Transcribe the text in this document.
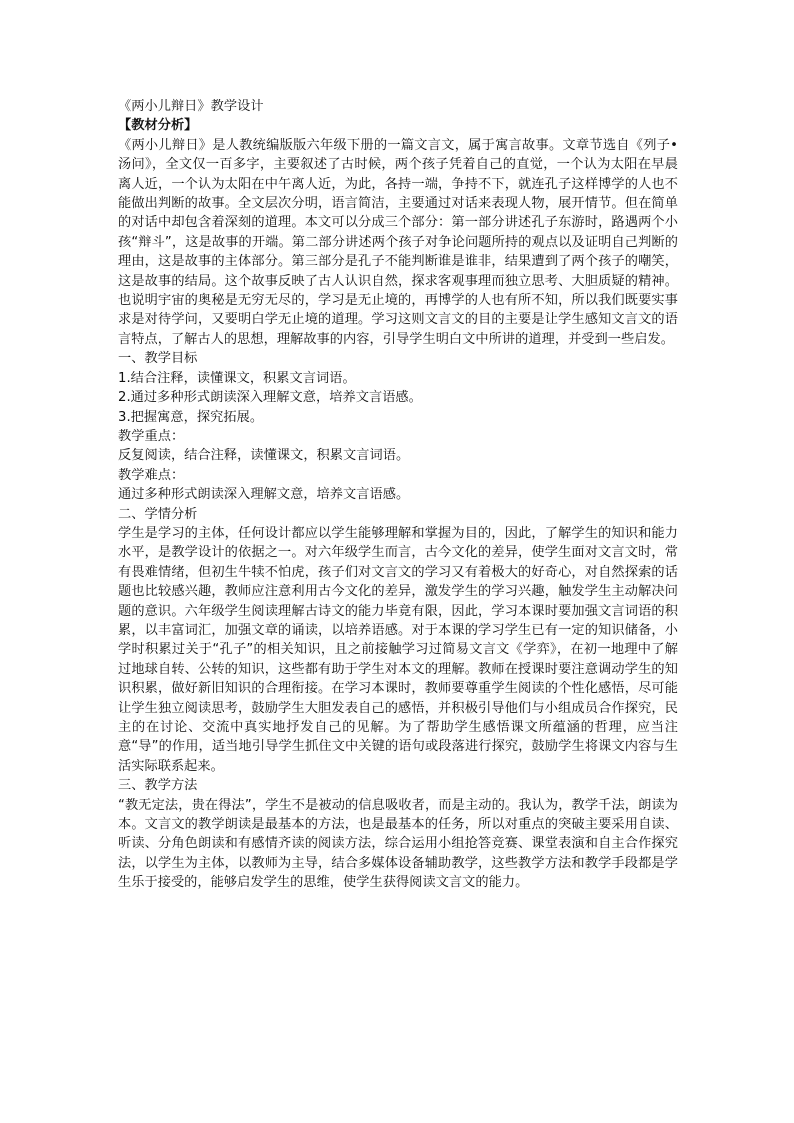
《两小儿辩日》教学设计

【教材分析】

《两小儿辩日》是人教统编版版六年级下册的一篇文言文，属于寓言故事。文章节选自《列子•汤问》，全文仅一百多字，主要叙述了古时候，两个孩子凭着自己的直觉，一个认为太阳在早晨离人近，一个认为太阳在中午离人近，为此，各持一端，争持不下，就连孔子这样博学的人也不能做出判断的故事。全文层次分明，语言简洁，主要通过对话来表现人物，展开情节。但在简单的对话中却包含着深刻的道理。本文可以分成三个部分：第一部分讲述孔子东游时，路遇两个小孩“辩斗”，这是故事的开端。第二部分讲述两个孩子对争论问题所持的观点以及证明自己判断的理由，这是故事的主体部分。第三部分是孔子不能判断谁是谁非，结果遭到了两个孩子的嘲笑，这是故事的结局。这个故事反映了古人认识自然，探求客观事理而独立思考、大胆质疑的精神。也说明宇宙的奥秘是无穷无尽的，学习是无止境的，再博学的人也有所不知，所以我们既要实事求是对待学问，又要明白学无止境的道理。学习这则文言文的目的主要是让学生感知文言文的语言特点，了解古人的思想，理解故事的内容，引导学生明白文中所讲的道理，并受到一些启发。

一、教学目标

1.结合注释，读懂课文，积累文言词语。

2.通过多种形式朗读深入理解文意，培养文言语感。

3.把握寓意，探究拓展。

教学重点：

反复阅读，结合注释，读懂课文，积累文言词语。

教学难点：

通过多种形式朗读深入理解文意，培养文言语感。

二、学情分析

学生是学习的主体，任何设计都应以学生能够理解和掌握为目的，因此，了解学生的知识和能力水平，是教学设计的依据之一。对六年级学生而言，古今文化的差异，使学生面对文言文时，常有畏难情绪，但初生牛犊不怕虎，孩子们对文言文的学习又有着极大的好奇心，对自然探索的话题也比较感兴趣，教师应注意利用古今文化的差异，激发学生的学习兴趣，触发学生主动解决问题的意识。六年级学生阅读理解古诗文的能力毕竟有限，因此，学习本课时要加强文言词语的积累，以丰富词汇，加强文章的诵读，以培养语感。对于本课的学习学生已有一定的知识储备，小学时积累过关于“孔子”的相关知识，且之前接触学习过简易文言文《学弈》，在初一地理中了解过地球自转、公转的知识，这些都有助于学生对本文的理解。教师在授课时要注意调动学生的知识积累，做好新旧知识的合理衔接。在学习本课时，教师要尊重学生阅读的个性化感悟，尽可能让学生独立阅读思考，鼓励学生大胆发表自己的感悟，并积极引导他们与小组成员合作探究，民主的在讨论、交流中真实地抒发自己的见解。为了帮助学生感悟课文所蕴涵的哲理，应当注意“导”的作用，适当地引导学生抓住文中关键的语句或段落进行探究，鼓励学生将课文内容与生活实际联系起来。

三、教学方法

“教无定法，贵在得法”，学生不是被动的信息吸收者，而是主动的。我认为，教学千法，朗读为本。文言文的教学朗读是最基本的方法，也是最基本的任务，所以对重点的突破主要采用自读、听读、分角色朗读和有感情齐读的阅读方法，综合运用小组抢答竞赛、课堂表演和自主合作探究法，以学生为主体，以教师为主导，结合多媒体设备辅助教学，这些教学方法和教学手段都是学生乐于接受的，能够启发学生的思维，使学生获得阅读文言文的能力。
